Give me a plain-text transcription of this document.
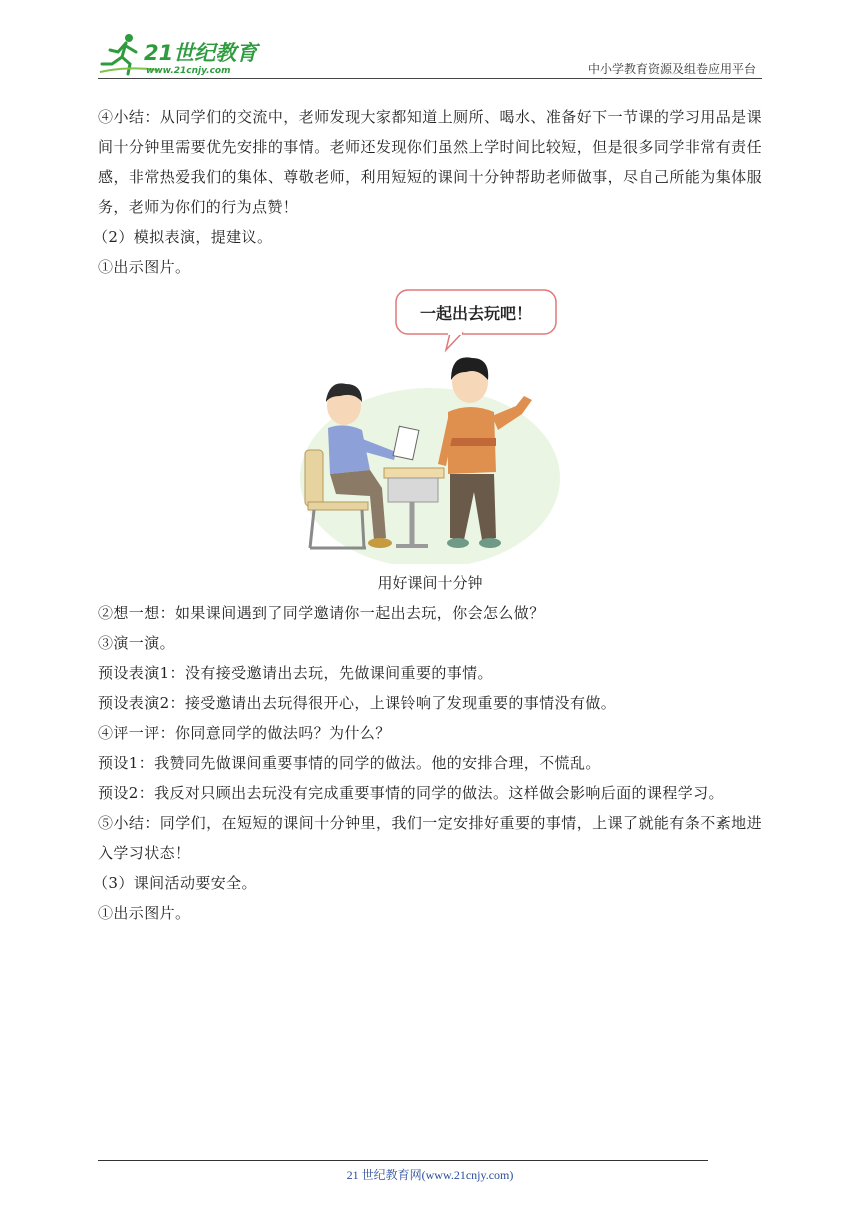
21世纪教育
www.21cnjy.com	中小学教育资源及组卷应用平台

④小结：从同学们的交流中，老师发现大家都知道上厕所、喝水、准备好下一节课的学习用品是课间十分钟里需要优先安排的事情。老师还发现你们虽然上学时间比较短，但是很多同学非常有责任感，非常热爱我们的集体、尊敬老师，利用短短的课间十分钟帮助老师做事，尽自己所能为集体服务，老师为你们的行为点赞！

（2）模拟表演，提建议。

①出示图片。

一起出去玩吧！
用好课间十分钟

②想一想：如果课间遇到了同学邀请你一起出去玩，你会怎么做？

③演一演。

预设表演1：没有接受邀请出去玩，先做课间重要的事情。

预设表演2：接受邀请出去玩得很开心，上课铃响了发现重要的事情没有做。

④评一评：你同意同学的做法吗？为什么？

预设1：我赞同先做课间重要事情的同学的做法。他的安排合理，不慌乱。

预设2：我反对只顾出去玩没有完成重要事情的同学的做法。这样做会影响后面的课程学习。

⑤小结：同学们，在短短的课间十分钟里，我们一定安排好重要的事情，上课了就能有条不紊地进入学习状态！

（3）课间活动要安全。

①出示图片。

21 世纪教育网(www.21cnjy.com)
